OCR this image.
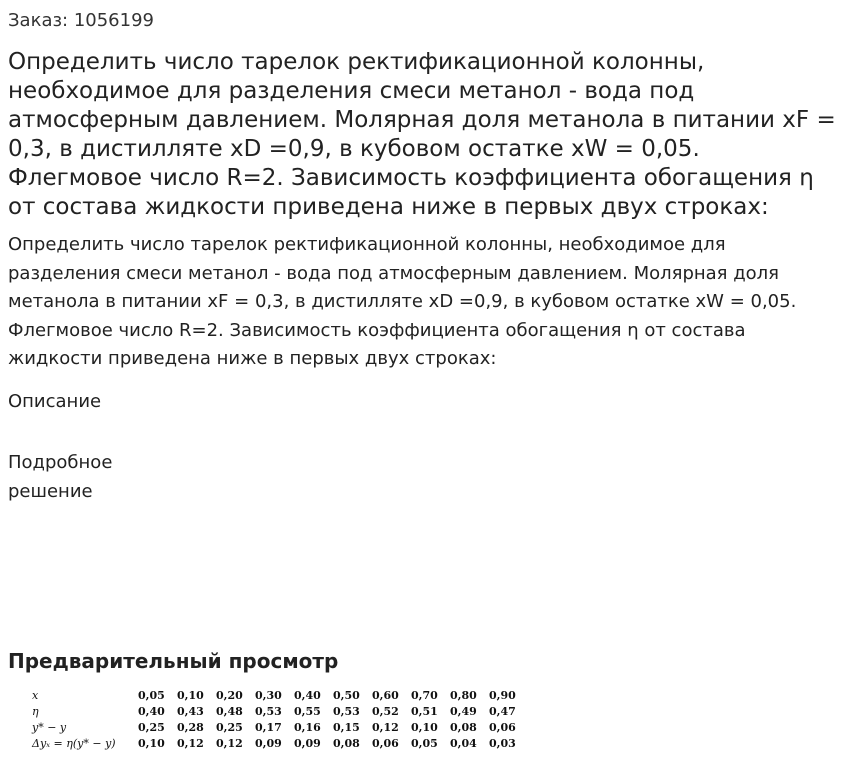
Заказ: 1056199
Определить число тарелок ректификационной колонны, необходимое для разделения смеси метанол - вода под атмосферным давлением. Молярная доля метанола в питании xF = 0,3, в дистилляте xD =0,9, в кубовом остатке xW = 0,05. Флегмовое число R=2. Зависимость коэффициента обогащения η от состава жидкости приведена ниже в первых двух строках:

Определить число тарелок ректификационной колонны, необходимое для разделения смеси метанол - вода под атмосферным давлением. Молярная доля метанола в питании xF = 0,3, в дистилляте xD =0,9, в кубовом остатке xW = 0,05. Флегмовое число R=2. Зависимость коэффициента обогащения η от состава жидкости приведена ниже в первых двух строках:

Описание
Подробное решение
Предварительный просмотр
x	0,05	0,10	0,20	0,30	0,40	0,50	0,60	0,70	0,80	0,90
η	0,40	0,43	0,48	0,53	0,55	0,53	0,52	0,51	0,49	0,47
y* − y	0,25	0,28	0,25	0,17	0,16	0,15	0,12	0,10	0,08	0,06
Δyₓ = η(y* − y)	0,10	0,12	0,12	0,09	0,09	0,08	0,06	0,05	0,04	0,03
